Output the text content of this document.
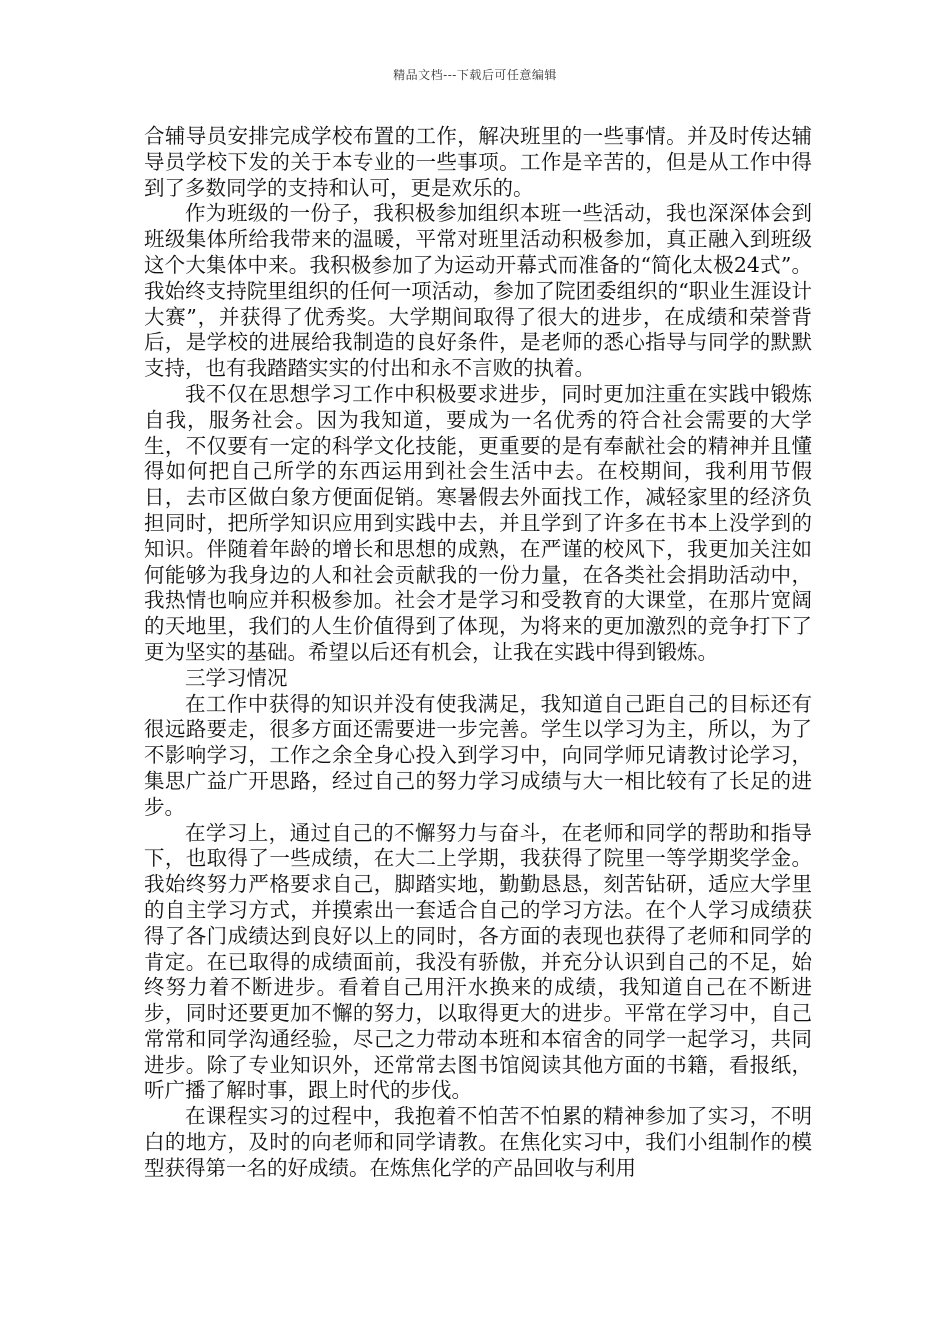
精品文档---下载后可任意编辑

合辅导员安排完成学校布置的工作，解决班里的一些事情。并及时传达辅导员学校下发的关于本专业的一些事项。工作是辛苦的，但是从工作中得到了多数同学的支持和认可，更是欢乐的。

作为班级的一份子，我积极参加组织本班一些活动，我也深深体会到班级集体所给我带来的温暖，平常对班里活动积极参加，真正融入到班级这个大集体中来。我积极参加了为运动开幕式而准备的“简化太极24式”。我始终支持院里组织的任何一项活动，参加了院团委组织的“职业生涯设计大赛”，并获得了优秀奖。大学期间取得了很大的进步，在成绩和荣誉背后，是学校的进展给我制造的良好条件，是老师的悉心指导与同学的默默支持，也有我踏踏实实的付出和永不言败的执着。

我不仅在思想学习工作中积极要求进步，同时更加注重在实践中锻炼自我，服务社会。因为我知道，要成为一名优秀的符合社会需要的大学生，不仅要有一定的科学文化技能，更重要的是有奉献社会的精神并且懂得如何把自己所学的东西运用到社会生活中去。在校期间，我利用节假日，去市区做白象方便面促销。寒暑假去外面找工作，减轻家里的经济负担同时，把所学知识应用到实践中去，并且学到了许多在书本上没学到的知识。伴随着年龄的增长和思想的成熟，在严谨的校风下，我更加关注如何能够为我身边的人和社会贡献我的一份力量，在各类社会捐助活动中，我热情也响应并积极参加。社会才是学习和受教育的大课堂，在那片宽阔的天地里，我们的人生价值得到了体现，为将来的更加激烈的竞争打下了更为坚实的基础。希望以后还有机会，让我在实践中得到锻炼。

三学习情况

在工作中获得的知识并没有使我满足，我知道自己距自己的目标还有很远路要走，很多方面还需要进一步完善。学生以学习为主，所以，为了不影响学习，工作之余全身心投入到学习中，向同学师兄请教讨论学习，集思广益广开思路，经过自己的努力学习成绩与大一相比较有了长足的进步。

在学习上，通过自己的不懈努力与奋斗，在老师和同学的帮助和指导下，也取得了一些成绩，在大二上学期，我获得了院里一等学期奖学金。我始终努力严格要求自己，脚踏实地，勤勤恳恳，刻苦钻研，适应大学里的自主学习方式，并摸索出一套适合自己的学习方法。在个人学习成绩获得了各门成绩达到良好以上的同时，各方面的表现也获得了老师和同学的肯定。在已取得的成绩面前，我没有骄傲，并充分认识到自己的不足，始终努力着不断进步。看着自己用汗水换来的成绩，我知道自己在不断进步，同时还要更加不懈的努力，以取得更大的进步。平常在学习中，自己常常和同学沟通经验，尽己之力带动本班和本宿舍的同学一起学习，共同进步。除了专业知识外，还常常去图书馆阅读其他方面的书籍，看报纸，听广播了解时事，跟上时代的步伐。

在课程实习的过程中，我抱着不怕苦不怕累的精神参加了实习，不明白的地方，及时的向老师和同学请教。在焦化实习中，我们小组制作的模型获得第一名的好成绩。在炼焦化学的产品回收与利用
